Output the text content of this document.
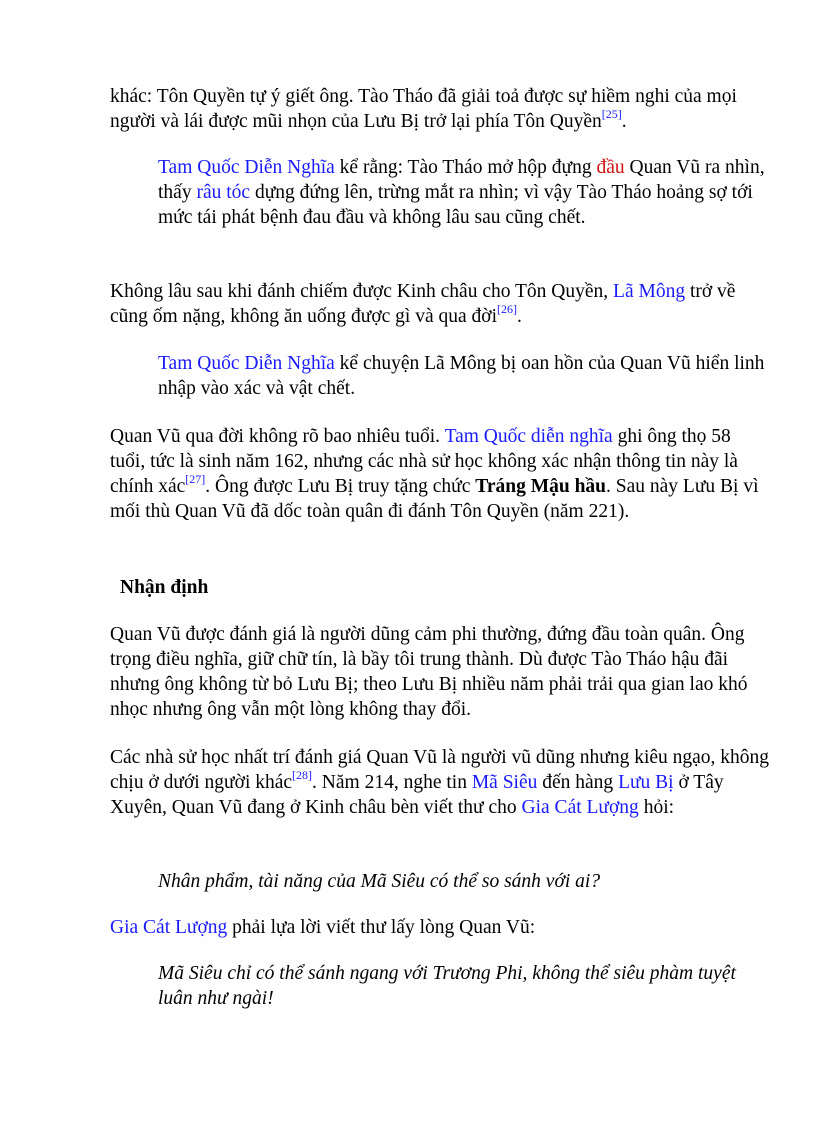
khác: Tôn Quyền tự ý giết ông. Tào Tháo đã giải toả được sự hiềm nghi của mọi người và lái được mũi nhọn của Lưu Bị trở lại phía Tôn Quyền[25].

Tam Quốc Diễn Nghĩa kể rằng: Tào Tháo mở hộp đựng đầu Quan Vũ ra nhìn, thấy râu tóc dựng đứng lên, trừng mắt ra nhìn; vì vậy Tào Tháo hoảng sợ tới mức tái phát bệnh đau đầu và không lâu sau cũng chết.

Không lâu sau khi đánh chiếm được Kinh châu cho Tôn Quyền, Lã Mông trở về cũng ốm nặng, không ăn uống được gì và qua đời[26].

Tam Quốc Diễn Nghĩa kể chuyện Lã Mông bị oan hồn của Quan Vũ hiển linh nhập vào xác và vật chết.

Quan Vũ qua đời không rõ bao nhiêu tuổi. Tam Quốc diễn nghĩa ghi ông thọ 58 tuổi, tức là sinh năm 162, nhưng các nhà sử học không xác nhận thông tin này là chính xác[27]. Ông được Lưu Bị truy tặng chức Tráng Mậu hầu. Sau này Lưu Bị vì mối thù Quan Vũ đã dốc toàn quân đi đánh Tôn Quyền (năm 221).

Nhận định

Quan Vũ được đánh giá là người dũng cảm phi thường, đứng đầu toàn quân. Ông trọng điều nghĩa, giữ chữ tín, là bầy tôi trung thành. Dù được Tào Tháo hậu đãi nhưng ông không từ bỏ Lưu Bị; theo Lưu Bị nhiều năm phải trải qua gian lao khó nhọc nhưng ông vẫn một lòng không thay đổi.

Các nhà sử học nhất trí đánh giá Quan Vũ là người vũ dũng nhưng kiêu ngạo, không chịu ở dưới người khác[28]. Năm 214, nghe tin Mã Siêu đến hàng Lưu Bị ở Tây Xuyên, Quan Vũ đang ở Kinh châu bèn viết thư cho Gia Cát Lượng hỏi:

Nhân phẩm, tài năng của Mã Siêu có thể so sánh với ai?

Gia Cát Lượng phải lựa lời viết thư lấy lòng Quan Vũ:

Mã Siêu chỉ có thể sánh ngang với Trương Phi, không thể siêu phàm tuyệt luân như ngài!
